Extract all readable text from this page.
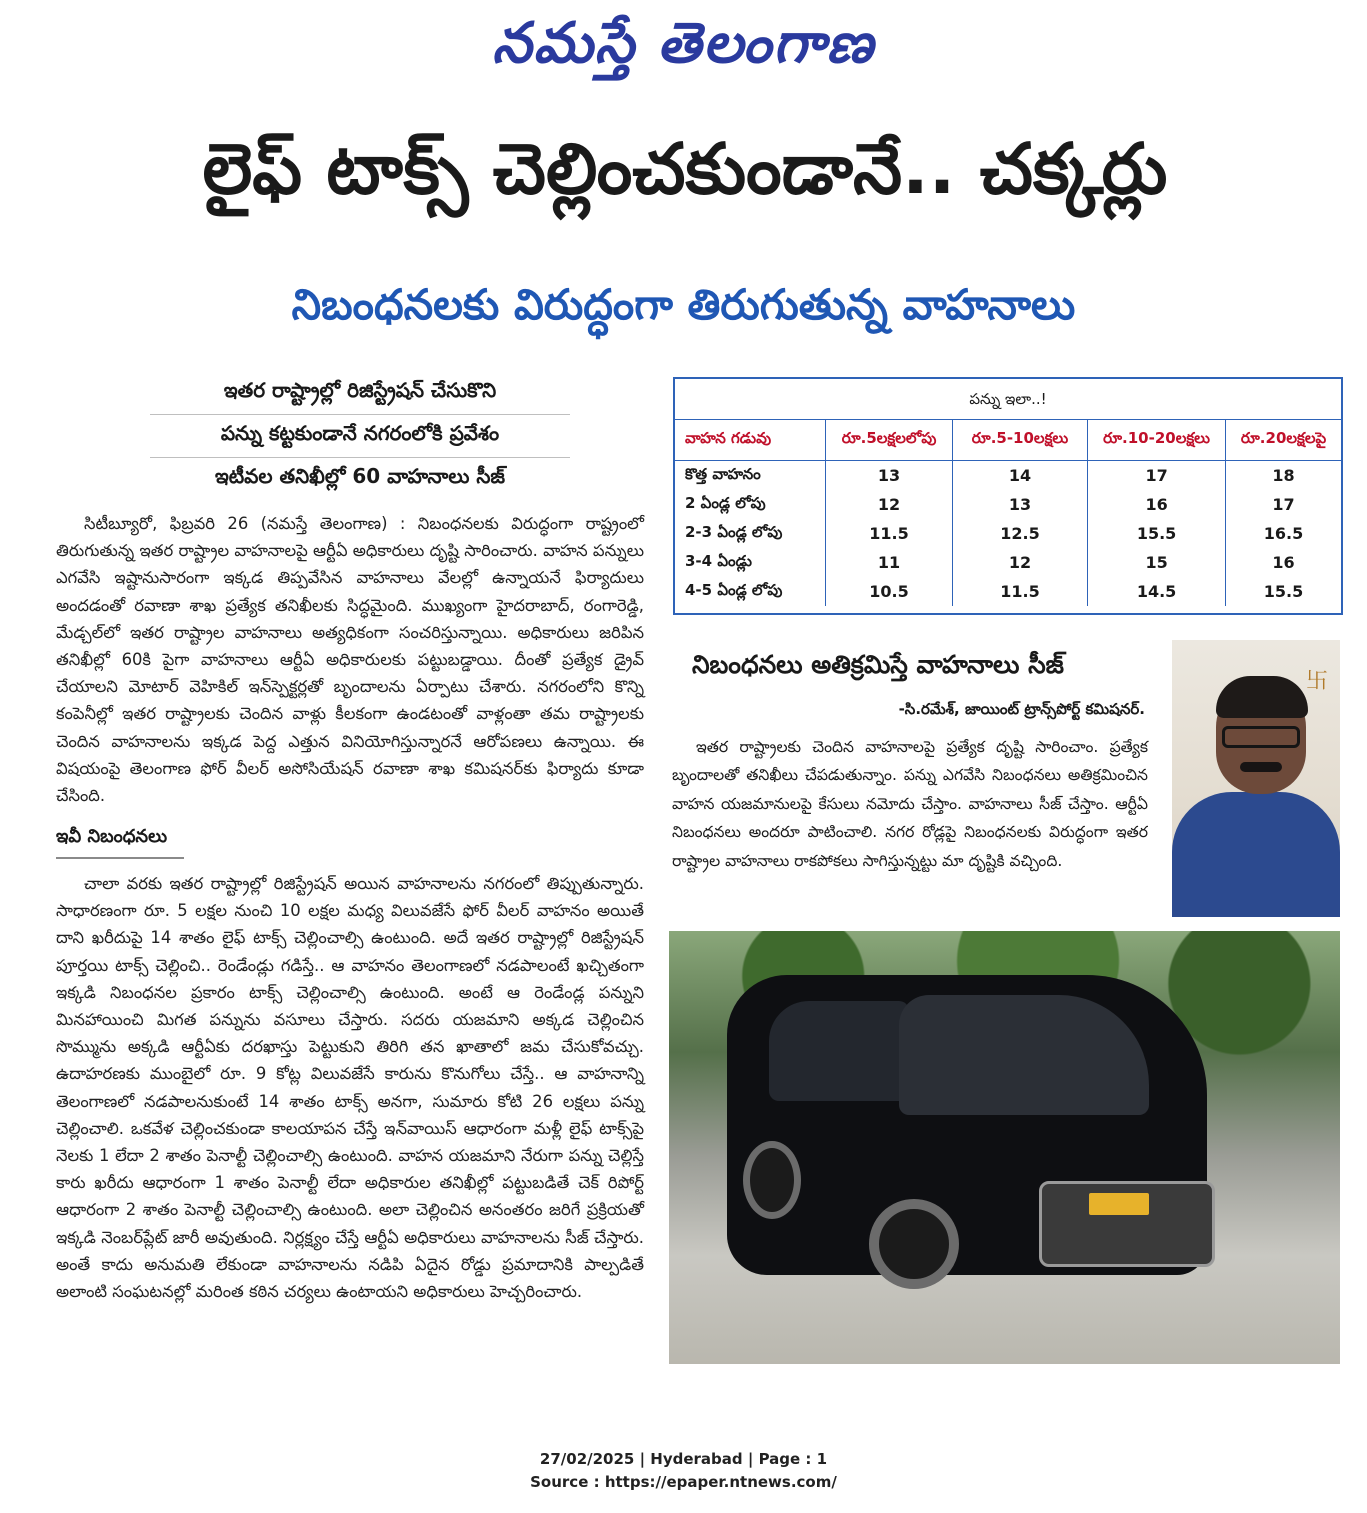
నమస్తే తెలంగాణ
లైఫ్ టాక్స్ చెల్లించకుండానే.. చక్కర్లు
నిబంధనలకు విరుద్ధంగా తిరుగుతున్న వాహనాలు
ఇతర రాష్ట్రాల్లో రిజిస్ట్రేషన్ చేసుకొని
పన్ను కట్టకుండానే నగరంలోకి ప్రవేశం
ఇటీవల తనిఖీల్లో 60 వాహనాలు సీజ్

సిటీబ్యూరో, ఫిబ్రవరి 26 (నమస్తే తెలంగాణ) : నిబంధనలకు విరుద్ధంగా రాష్ట్రంలో తిరుగుతున్న ఇతర రాష్ట్రాల వాహనాలపై ఆర్టీఏ అధికారులు దృష్టి సారించారు. వాహన పన్నులు ఎగవేసి ఇష్టానుసారంగా ఇక్కడ తిప్పవేసిన వాహనాలు వేలల్లో ఉన్నాయనే ఫిర్యాదులు అందడంతో రవాణా శాఖ ప్రత్యేక తనిఖీలకు సిద్ధమైంది. ముఖ్యంగా హైదరాబాద్, రంగారెడ్డి, మేడ్చల్‌లో ఇతర రాష్ట్రాల వాహనాలు అత్యధికంగా సంచరిస్తున్నాయి. అధికారులు జరిపిన తనిఖీల్లో 60కి పైగా వాహనాలు ఆర్టీఏ అధికారులకు పట్టుబడ్డాయి. దీంతో ప్రత్యేక డ్రైవ్ చేయాలని మోటార్ వెహికిల్ ఇన్‌స్పెక్టర్లతో బృందాలను ఏర్పాటు చేశారు. నగరంలోని కొన్ని కంపెనీల్లో ఇతర రాష్ట్రాలకు చెందిన వాళ్లు కీలకంగా ఉండటంతో వాళ్లంతా తమ రాష్ట్రాలకు చెందిన వాహనాలను ఇక్కడ పెద్ద ఎత్తున వినియోగిస్తున్నారనే ఆరోపణలు ఉన్నాయి. ఈ విషయంపై తెలంగాణ ఫోర్ వీలర్ అసోసియేషన్ రవాణా శాఖ కమిషనర్‌కు ఫిర్యాదు కూడా చేసింది.

ఇవీ నిబంధనలు

చాలా వరకు ఇతర రాష్ట్రాల్లో రిజిస్ట్రేషన్ అయిన వాహనాలను నగరంలో తిప్పుతున్నారు. సాధారణంగా రూ. 5 లక్షల నుంచి 10 లక్షల మధ్య విలువజేసే ఫోర్ వీలర్ వాహనం అయితే దాని ఖరీదుపై 14 శాతం లైఫ్ టాక్స్ చెల్లించాల్సి ఉంటుంది. అదే ఇతర రాష్ట్రాల్లో రిజిస్ట్రేషన్ పూర్తయి టాక్స్ చెల్లించి.. రెండేండ్లు గడిస్తే.. ఆ వాహనం తెలంగాణలో నడపాలంటే ఖచ్చితంగా ఇక్కడి నిబంధనల ప్రకారం టాక్స్ చెల్లించాల్సి ఉంటుంది. అంటే ఆ రెండేండ్ల పన్నుని మినహాయించి మిగత పన్నును వసూలు చేస్తారు. సదరు యజమాని అక్కడ చెల్లించిన సొమ్మును అక్కడి ఆర్టీఏకు దరఖాస్తు పెట్టుకుని తిరిగి తన ఖాతాలో జమ చేసుకోవచ్చు. ఉదాహరణకు ముంబైలో రూ. 9 కోట్ల విలువజేసే కారును కొనుగోలు చేస్తే.. ఆ వాహనాన్ని తెలంగాణలో నడపాలనుకుంటే 14 శాతం టాక్స్ అనగా, సుమారు కోటి 26 లక్షలు పన్ను చెల్లించాలి. ఒకవేళ చెల్లించకుండా కాలయాపన చేస్తే ఇన్‌వాయిస్ ఆధారంగా మళ్లీ లైఫ్ టాక్స్‌పై నెలకు 1 లేదా 2 శాతం పెనాల్టీ చెల్లించాల్సి ఉంటుంది. వాహన యజమాని నేరుగా పన్ను చెల్లిస్తే కారు ఖరీదు ఆధారంగా 1 శాతం పెనాల్టీ లేదా అధికారుల తనిఖీల్లో పట్టుబడితే చెక్ రిపోర్ట్ ఆధారంగా 2 శాతం పెనాల్టీ చెల్లించాల్సి ఉంటుంది. అలా చెల్లించిన అనంతరం జరిగే ప్రక్రియతో ఇక్కడి నెంబర్‌ప్లేట్ జారీ అవుతుంది. నిర్లక్ష్యం చేస్తే ఆర్టీఏ అధికారులు వాహనాలను సీజ్ చేస్తారు. అంతే కాదు అనుమతి లేకుండా వాహనాలను నడిపి ఏదైన రోడ్డు ప్రమాదానికి పాల్పడితే అలాంటి సంఘటనల్లో మరింత కఠిన చర్యలు ఉంటాయని అధికారులు హెచ్చరించారు.

పన్ను ఇలా..!
వాహన గడువు	రూ.5లక్షలలోపు	రూ.5-10లక్షలు	రూ.10-20లక్షలు	రూ.20లక్షలపై
కొత్త వాహనం	13	14	17	18
2 ఏండ్ల లోపు	12	13	16	17
2-3 ఏండ్ల లోపు	11.5	12.5	15.5	16.5
3-4 ఏండ్లు	11	12	15	16
4-5 ఏండ్ల లోపు	10.5	11.5	14.5	15.5
నిబంధనలు అతిక్రమిస్తే వాహనాలు సీజ్
-సి.రమేశ్, జాయింట్ ట్రాన్స్‌పోర్ట్ కమిషనర్.
ఇతర రాష్ట్రాలకు చెందిన వాహనాలపై ప్రత్యేక దృష్టి సారించాం. ప్రత్యేక బృందాలతో తనిఖీలు చేపడుతున్నాం. పన్ను ఎగవేసి నిబంధనలు అతిక్రమించిన వాహన యజమానులపై కేసులు నమోదు చేస్తాం. వాహనాలు సీజ్ చేస్తాం. ఆర్టీఏ నిబంధనలు అందరూ పాటించాలి. నగర రోడ్లపై నిబంధనలకు విరుద్ధంగా ఇతర రాష్ట్రాల వాహనాలు రాకపోకలు సాగిస్తున్నట్టు మా దృష్టికి వచ్చింది.
卐
27/02/2025 | Hyderabad | Page : 1
Source : https://epaper.ntnews.com/
